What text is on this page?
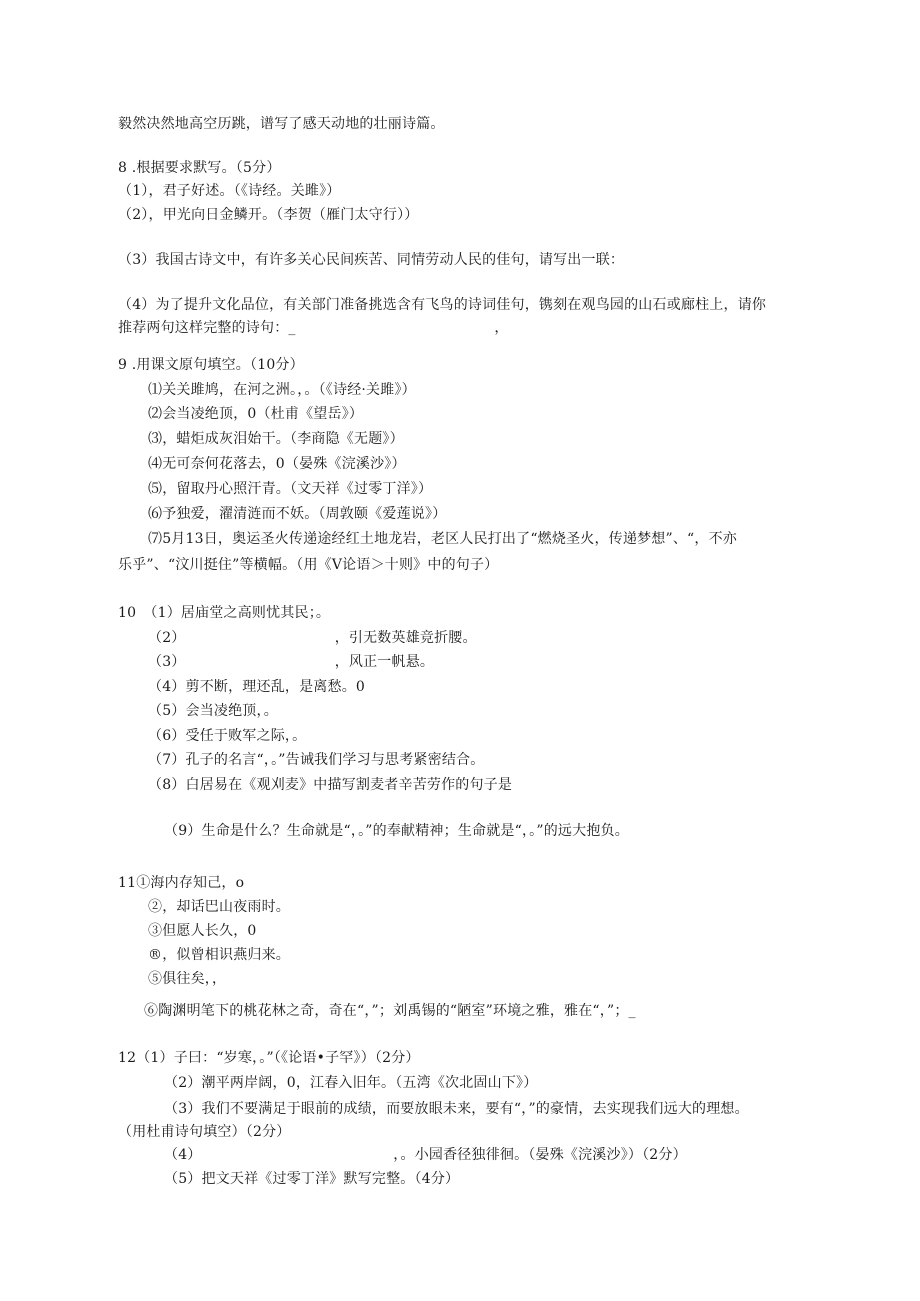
毅然决然地高空历跳，谱写了感天动地的壮丽诗篇。
8 .根据要求默写。（5分）
（1），君子好述。（《诗经。关雎》）
（2），甲光向日金鳞开。（李贺（雁门太守行））
（3）我国古诗文中，有许多关心民间疾苦、同情劳动人民的佳句，请写出一联：
（4）为了提升文化品位，有关部门准备挑选含有飞鸟的诗词佳句，镌刻在观鸟园的山石或廊柱上，请你
推荐两句这样完整的诗句：_　　　　　　　　　　　　　　，
9 .用课文原句填空。（10分）
⑴关关雎鸠，在河之洲。，。（《诗经·关雎》）
⑵会当凌绝顶，0（杜甫《望岳》）
⑶，蜡炬成灰泪始干。（李商隐《无题》）
⑷无可奈何花落去，0（晏殊《浣溪沙》）
⑸，留取丹心照汗青。（文天祥《过零丁洋》）
⑹予独爱，濯清涟而不妖。（周敦颐《爱莲说》）
⑺5月13日，奥运圣火传递途经红土地龙岩，老区人民打出了“燃烧圣火，传递梦想”、“，不亦
乐乎”、“汶川挺住”等横幅。（用《V论语＞十则》中的句子）
10　（1）居庙堂之高则忧其民；。
（2）　　　　　　　　　　　，引无数英雄竞折腰。
（3）　　　　　　　　　　　，风正一帆悬。
（4）剪不断，理还乱，是离愁。0
（5）会当凌绝顶，。
（6）受任于败军之际，。
（7）孔子的名言“，。”告诫我们学习与思考紧密结合。
（8）白居易在《观刈麦》中描写割麦者辛苦劳作的句子是
（9）生命是什么？生命就是“，。”的奉献精神；生命就是“，。”的远大抱负。
11①海内存知己，o
②，却话巴山夜雨时。
③但愿人长久，0
®，似曾相识燕归来。
⑤俱往矣，，
⑥陶渊明笔下的桃花林之奇，奇在“，”；刘禹锡的“陋室”环境之雅，雅在“，”；_
12（1）子曰：“岁寒，。”（《论语•子罕》）（2分）
（2）潮平两岸阔，0，江春入旧年。（五湾《次北固山下》）
（3）我们不要满足于眼前的成绩，而要放眼未来，要有“，”的豪情，去实现我们远大的理想。
（用杜甫诗句填空）（2分）
（4）　　　　　　　　　　　　　　，。小园香径独徘徊。（晏殊《浣溪沙》）（2分）
（5）把文天祥《过零丁洋》默写完整。（4分）
